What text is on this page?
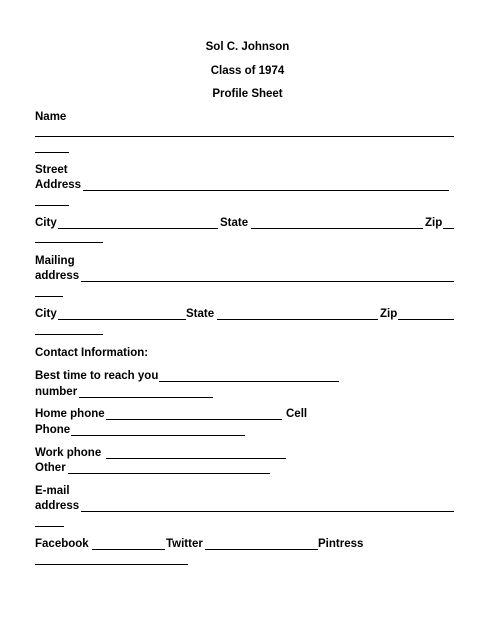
Sol C. Johnson
Class of 1974
Profile Sheet
Name
Street
Address
City	State	Zip
Mailing
address
City	State	Zip
Contact Information:
Best time to reach you
number
Home phone	Cell
Phone
Work phone
Other
E-mail
address
Facebook	Twitter	Pintress
